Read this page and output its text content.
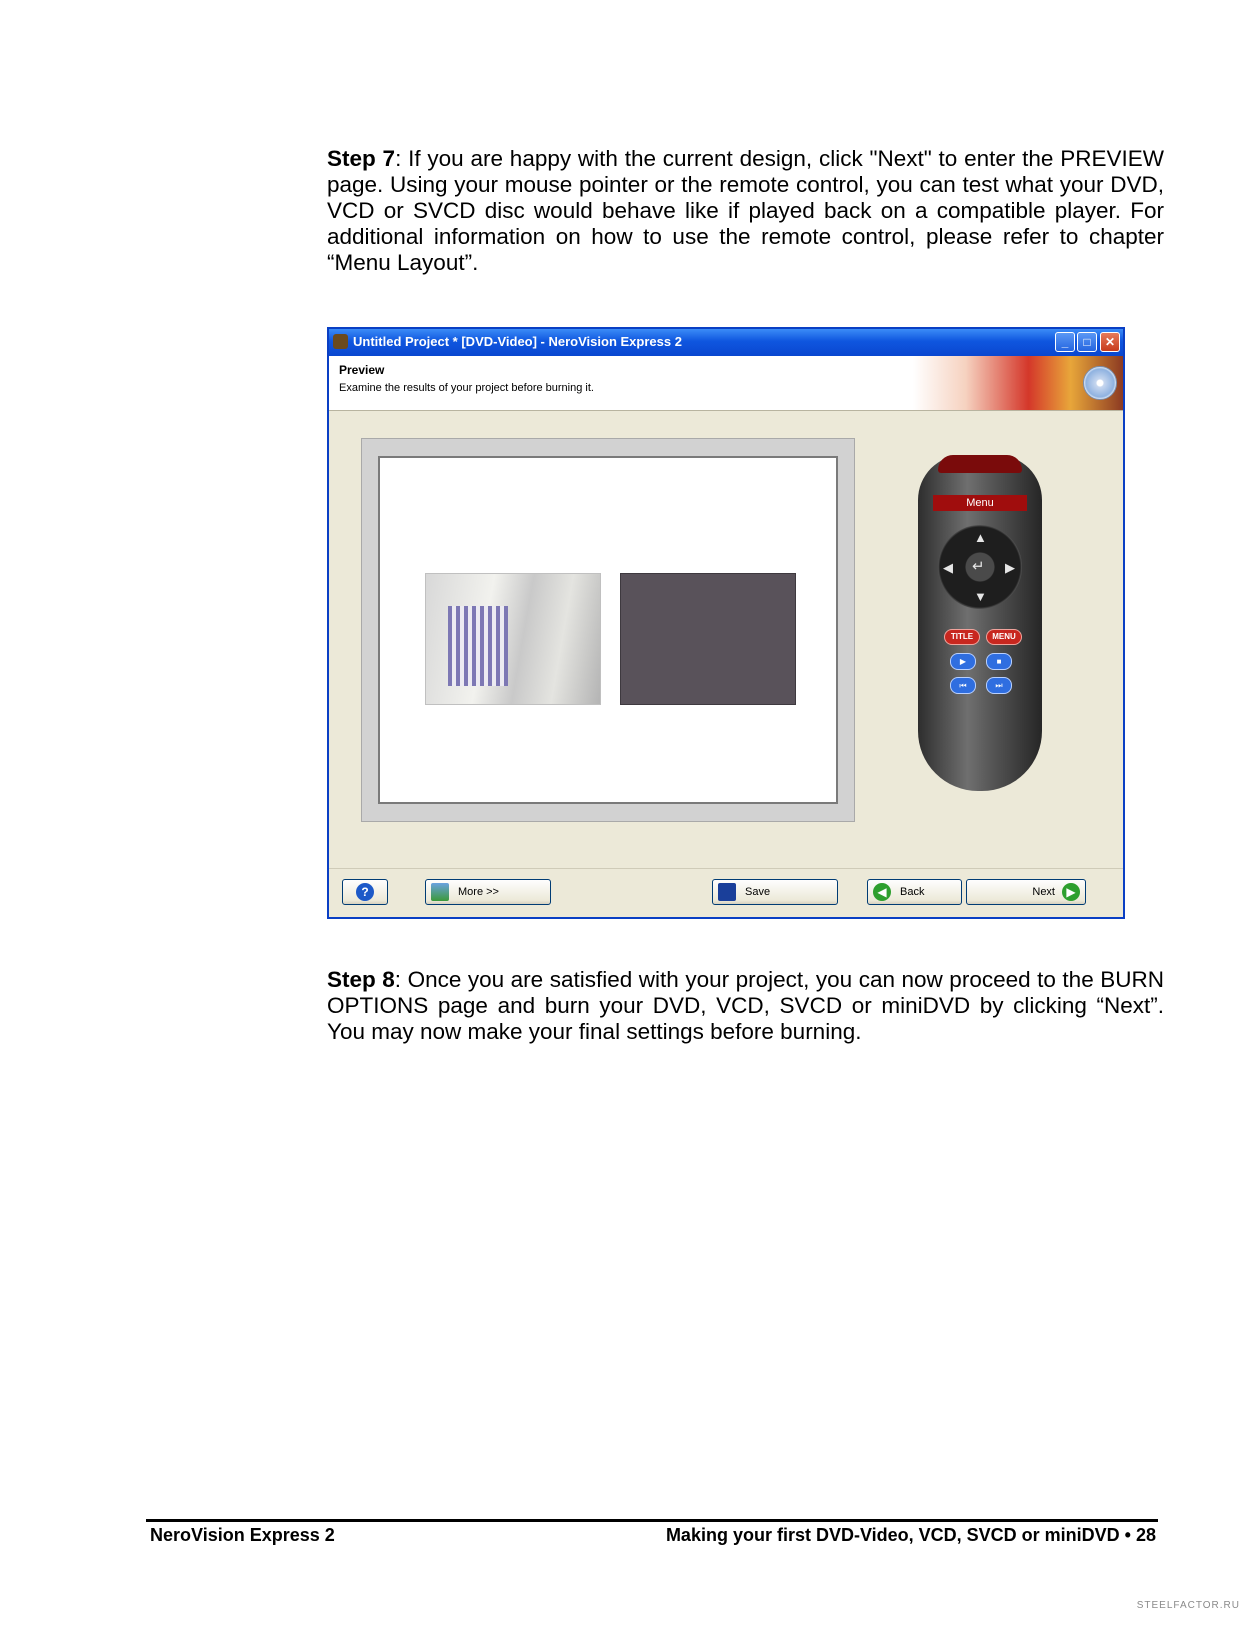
Step 7: If you are happy with the current design, click "Next" to enter the PREVIEW page. Using your mouse pointer or the remote control, you can test what your DVD, VCD or SVCD disc would behave like if played back on a compatible player. For additional information on how to use the remote control, please refer to chapter “Menu Layout”.

Untitled Project * [DVD-Video] - NeroVision Express 2	_	□	✕
Preview
Examine the results of your project before burning it.
Menu
▲
◀ ↵ ▶
▼
TITLE	MENU
▶	■
⏮	⏭
?	More >>	Save	◀	Back	Next ▶

Step 8: Once you are satisfied with your project, you can now proceed to the BURN OPTIONS page and burn your DVD, VCD, SVCD or miniDVD by clicking “Next”. You may now make your final settings before burning.

NeroVision Express 2	Making your first DVD-Video, VCD, SVCD or miniDVD • 28
STEELFACTOR.RU
